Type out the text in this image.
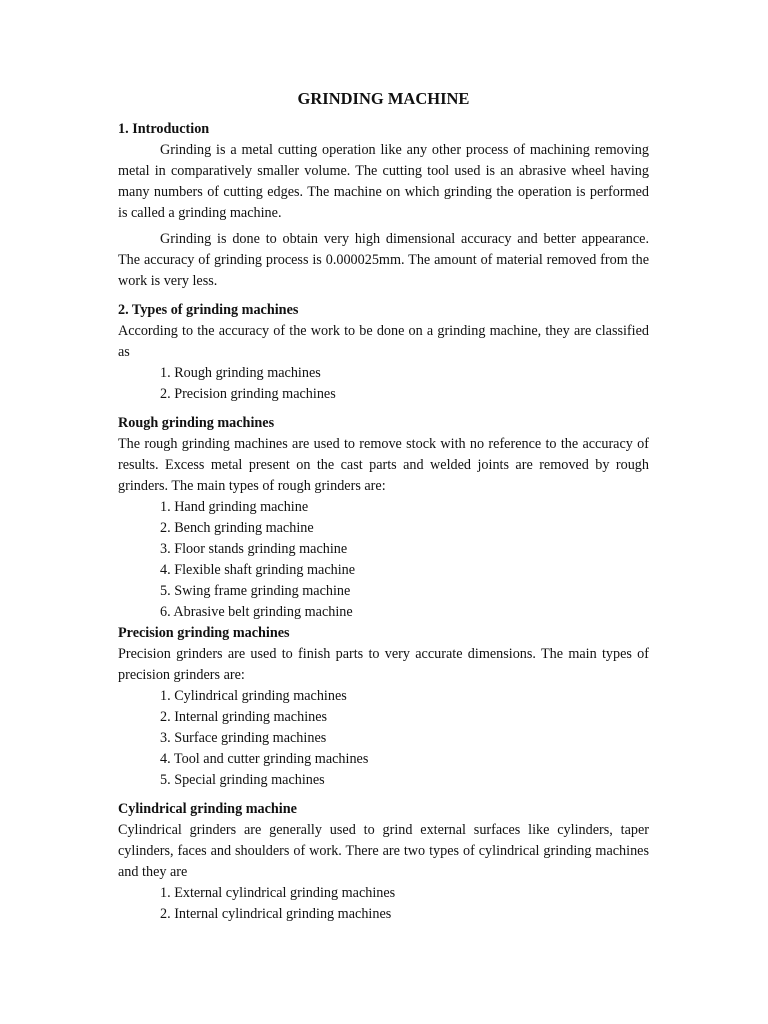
GRINDING MACHINE
1. Introduction

Grinding is a metal cutting operation like any other process of machining removing metal in comparatively smaller volume. The cutting tool used is an abrasive wheel having many numbers of cutting edges. The machine on which grinding the operation is performed is called a grinding machine.

Grinding is done to obtain very high dimensional accuracy and better appearance. The accuracy of grinding process is 0.000025mm. The amount of material removed from the work is very less.

2. Types of grinding machines

According to the accuracy of the work to be done on a grinding machine, they are classified as

1. Rough grinding machines
2. Precision grinding machines
Rough grinding machines

The rough grinding machines are used to remove stock with no reference to the accuracy of results. Excess metal present on the cast parts and welded joints are removed by rough grinders. The main types of rough grinders are:

1. Hand grinding machine
2. Bench grinding machine
3. Floor stands grinding machine
4. Flexible shaft grinding machine
5. Swing frame grinding machine
6. Abrasive belt grinding machine
Precision grinding machines

Precision grinders are used to finish parts to very accurate dimensions. The main types of precision grinders are:

1. Cylindrical grinding machines
2. Internal grinding machines
3. Surface grinding machines
4. Tool and cutter grinding machines
5. Special grinding machines
Cylindrical grinding machine

Cylindrical grinders are generally used to grind external surfaces like cylinders, taper cylinders, faces and shoulders of work. There are two types of cylindrical grinding machines and they are

1. External cylindrical grinding machines
2. Internal cylindrical grinding machines
